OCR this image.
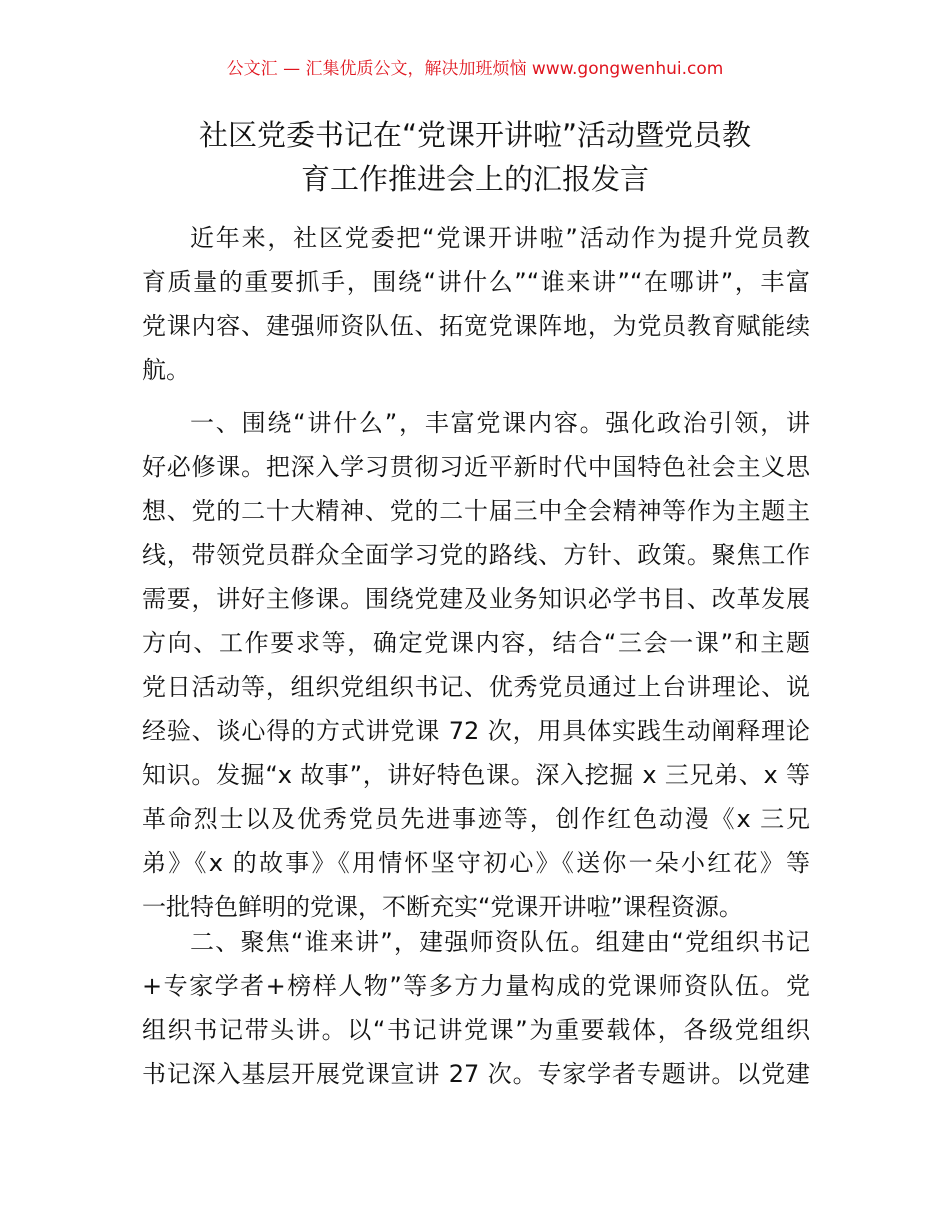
公文汇 — 汇集优质公文，解决加班烦恼 www.gongwenhui.com
社区党委书记在“党课开讲啦”活动暨党员教
育工作推进会上的汇报发言
近年来，社区党委把“党课开讲啦”活动作为提升党员教
育质量的重要抓手，围绕“讲什么”“谁来讲”“在哪讲”，丰富
党课内容、建强师资队伍、拓宽党课阵地，为党员教育赋能续
航。
一、围绕“讲什么”，丰富党课内容。强化政治引领，讲
好必修课。把深入学习贯彻习近平新时代中国特色社会主义思
想、党的二十大精神、党的二十届三中全会精神等作为主题主
线，带领党员群众全面学习党的路线、方针、政策。聚焦工作
需要，讲好主修课。围绕党建及业务知识必学书目、改革发展
方向、工作要求等，确定党课内容，结合“三会一课”和主题
党日活动等，组织党组织书记、优秀党员通过上台讲理论、说
经验、谈心得的方式讲党课 72 次，用具体实践生动阐释理论
知识。发掘“x 故事”，讲好特色课。深入挖掘 x 三兄弟、x 等
革命烈士以及优秀党员先进事迹等，创作红色动漫《x 三兄
弟》《x 的故事》《用情怀坚守初心》《送你一朵小红花》等
一批特色鲜明的党课，不断充实“党课开讲啦”课程资源。
二、聚焦“谁来讲”，建强师资队伍。组建由“党组织书记
+专家学者+榜样人物”等多方力量构成的党课师资队伍。党
组织书记带头讲。以“书记讲党课”为重要载体，各级党组织
书记深入基层开展党课宣讲 27 次。专家学者专题讲。以党建
